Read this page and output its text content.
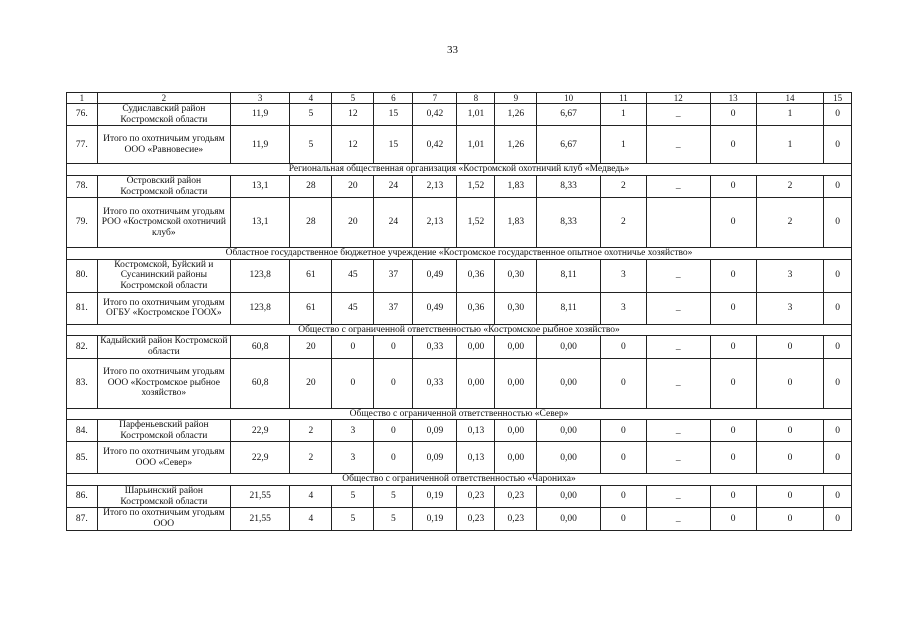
33
1	2	3	4	5	6	7	8	9	10	11	12	13	14	15
76.	Судиславский район Костромской области	11,9	5	12	15	0,42	1,01	1,26	6,67	1	_	0	1	0
77.	Итого по охотничьим угодьям ООО «Равновесие»	11,9	5	12	15	0,42	1,01	1,26	6,67	1	_	0	1	0
Региональная общественная организация «Костромской охотничий клуб «Медведь»														
78.	Островский район Костромской области	13,1	28	20	24	2,13	1,52	1,83	8,33	2	_	0	2	0
79.	Итого по охотничьим угодьям РОО «Костромской охотничий клуб»	13,1	28	20	24	2,13	1,52	1,83	8,33	2		0	2	0
Областное государственное бюджетное учреждение «Костромское государственное опытное охотничье хозяйство»														
80.	Костромской, Буйский и Сусанинский районы Костромской области	123,8	61	45	37	0,49	0,36	0,30	8,11	3	_	0	3	0
81.	Итого по охотничьим угодьям ОГБУ «Костромское ГООХ»	123,8	61	45	37	0,49	0,36	0,30	8,11	3	_	0	3	0
Общество с ограниченной ответственностью «Костромское рыбное хозяйство»														
82.	Кадыйский район Костромской области	60,8	20	0	0	0,33	0,00	0,00	0,00	0	_	0	0	0
83.	Итого по охотничьим угодьям ООО «Костромское рыбное хозяйство»	60,8	20	0	0	0,33	0,00	0,00	0,00	0	_	0	0	0
Общество с ограниченной ответственностью «Север»														
84.	Парфеньевский район Костромской области	22,9	2	3	0	0,09	0,13	0,00	0,00	0	_	0	0	0
85.	Итого по охотничьим угодьям ООО «Север»	22,9	2	3	0	0,09	0,13	0,00	0,00	0	_	0	0	0
Общество с ограниченной ответственностью «Чарониха»														
86.	Шарьинский район Костромской области	21,55	4	5	5	0,19	0,23	0,23	0,00	0	_	0	0	0
87.	Итого по охотничьим угодьям ООО	21,55	4	5	5	0,19	0,23	0,23	0,00	0	_	0	0	0
